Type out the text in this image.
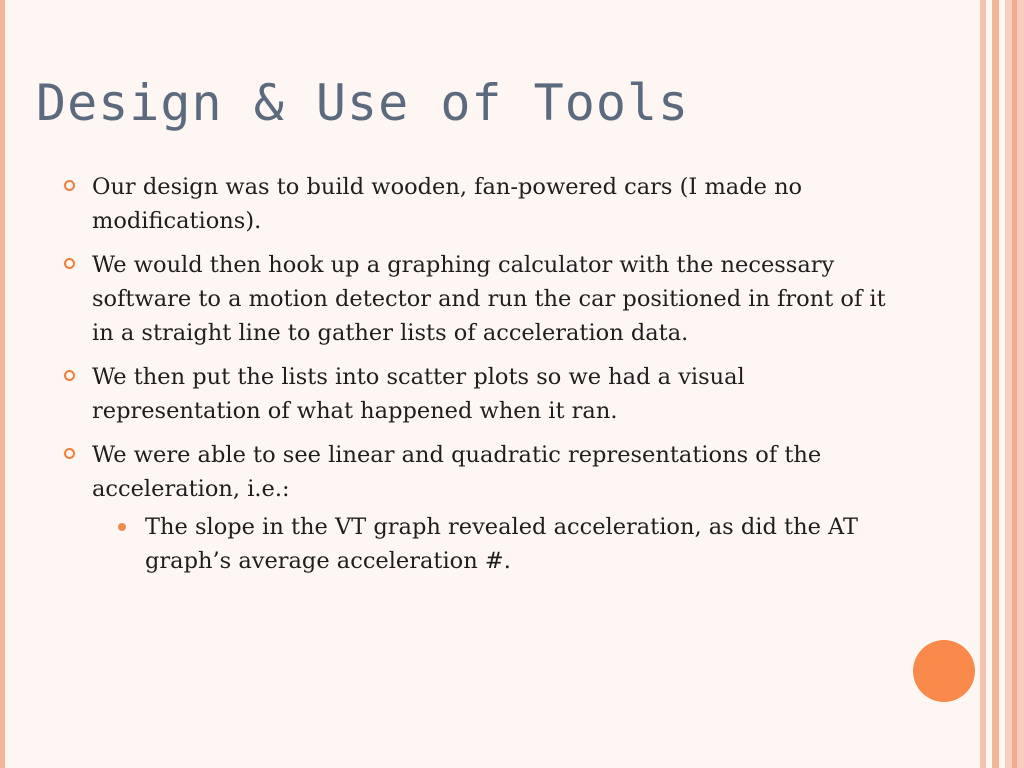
Design & Use of Tools
Our design was to build wooden, fan-powered cars (I made no modifications).
We would then hook up a graphing calculator with the necessary software to a motion detector and run the car positioned in front of it in a straight line to gather lists of acceleration data.
We then put the lists into scatter plots so we had a visual representation of what happened when it ran.
We were able to see linear and quadratic representations of the acceleration, i.e.:
The slope in the VT graph revealed acceleration, as did the AT graph’s average acceleration #.
